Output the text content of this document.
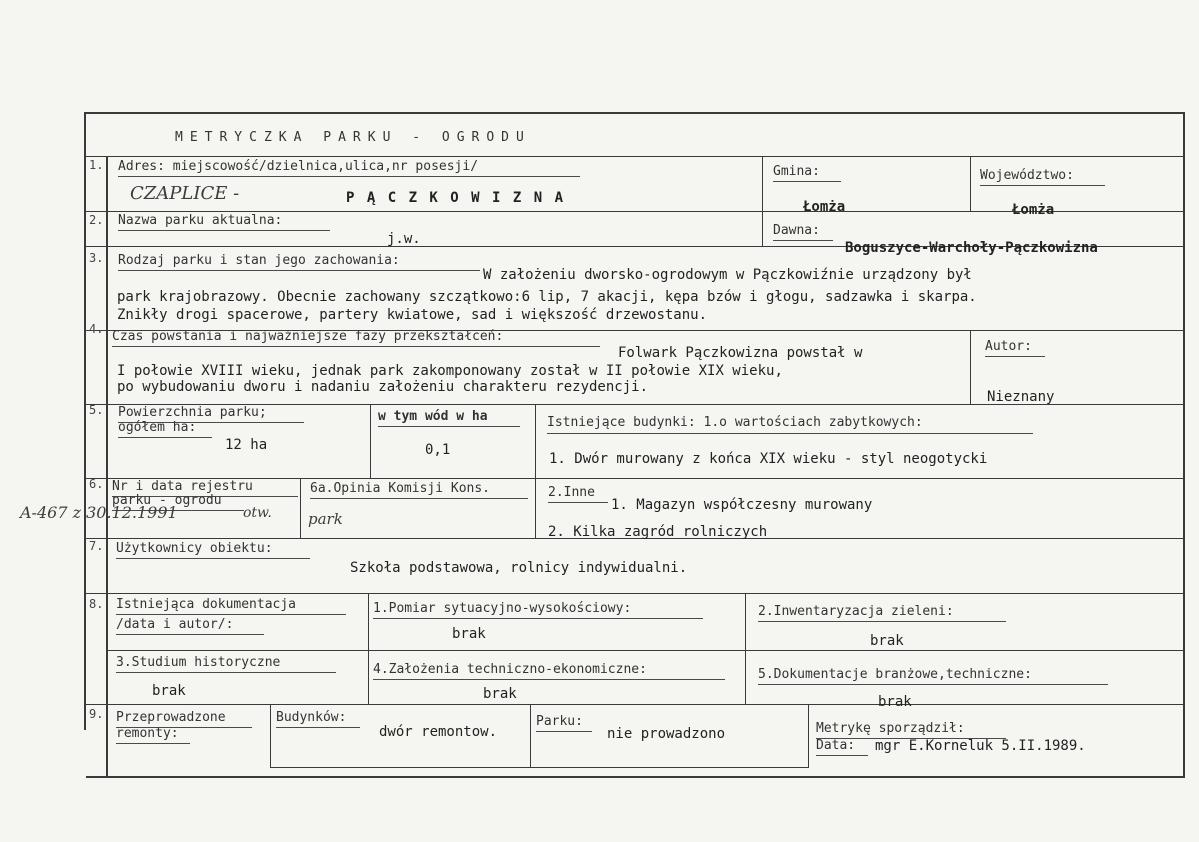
METRYCZKA PARKU - OGRODU
1. Adres: miejscowość/dzielnica,ulica,nr posesji/
CZAPLICE -	P Ą C Z K O W I Z N A
Gmina:
Łomża
Województwo:
Łomża
2. Nazwa parku aktualna:
j.w.
Dawna:
Boguszyce-Warchoły-Pączkowizna
3. Rodzaj parku i stan jego zachowania:
W założeniu dworsko-ogrodowym w Pączkowiźnie urządzony był
park krajobrazowy. Obecnie zachowany szczątkowo:6 lip, 7 akacji, kępa bzów i głogu, sadzawka i skarpa.
Znikły drogi spacerowe, partery kwiatowe, sad i większość drzewostanu.
4. Czas powstania i najważniejsze fazy przekształceń:
Folwark Pączkowizna powstał w
I połowie XVIII wieku, jednak park zakomponowany został w II połowie XIX wieku,
po wybudowaniu dworu i nadaniu założeniu charakteru rezydencji.
Autor:
Nieznany
5. Powierzchnia parku;
ogółem ha:
12 ha
w tym wód w ha
0,1
Istniejące budynki: 1.o wartościach zabytkowych:
1. Dwór murowany z końca XIX wieku - styl neogotycki
6. Nr i data rejestru
parku - ogrodu
A-467 z 30.12.1991	otw.
6a.Opinia Komisji Kons.
park
2.Inne
1. Magazyn współczesny murowany
2. Kilka zagród rolniczych
7. Użytkownicy obiektu:
Szkoła podstawowa, rolnicy indywidualni.
8. Istniejąca dokumentacja
/data i autor/:
1.Pomiar sytuacyjno-wysokościowy:
brak
2.Inwentaryzacja zieleni:
brak
3.Studium historyczne
brak
4.Założenia techniczno-ekonomiczne:
brak
5.Dokumentacje branżowe,techniczne:
brak
9. Przeprowadzone
remonty:
Budynków:
dwór remontow.
Parku:
nie prowadzono	Metrykę sporządził:
Data: mgr E.Korneluk 5.II.1989.
